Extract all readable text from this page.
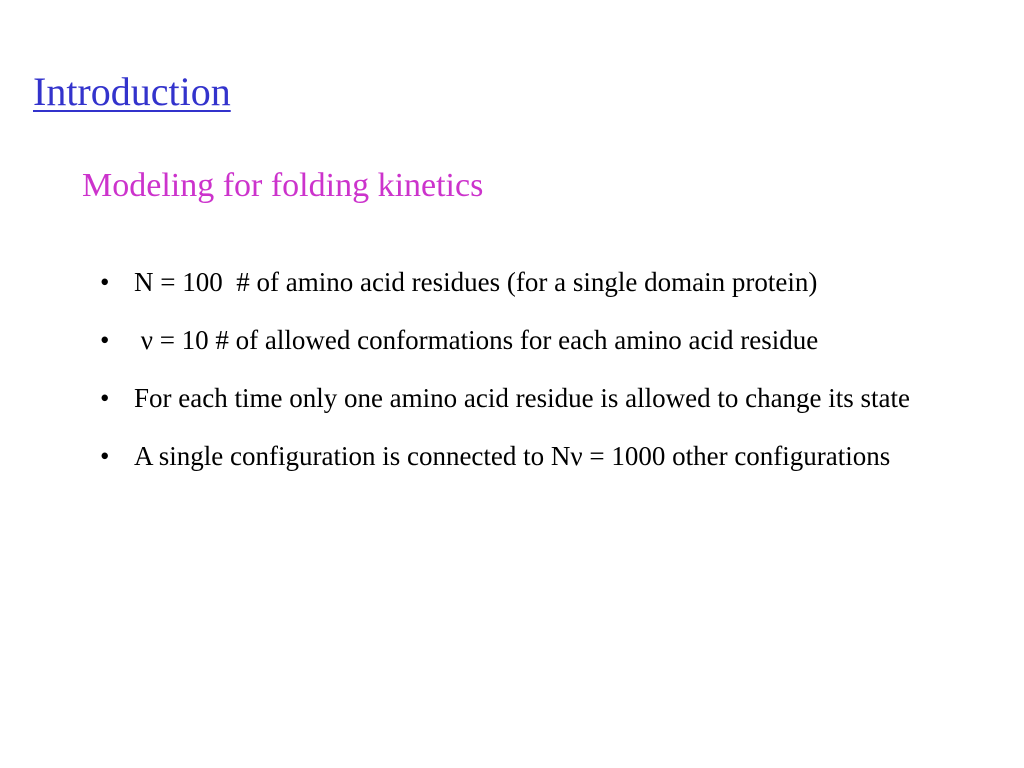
Introduction
Modeling for folding kinetics
• N = 100  # of amino acid residues (for a single domain protein)
• ν = 10 # of allowed conformations for each amino acid residue
• For each time only one amino acid residue is allowed to change its state
• A single configuration is connected to Nν = 1000 other configurations
